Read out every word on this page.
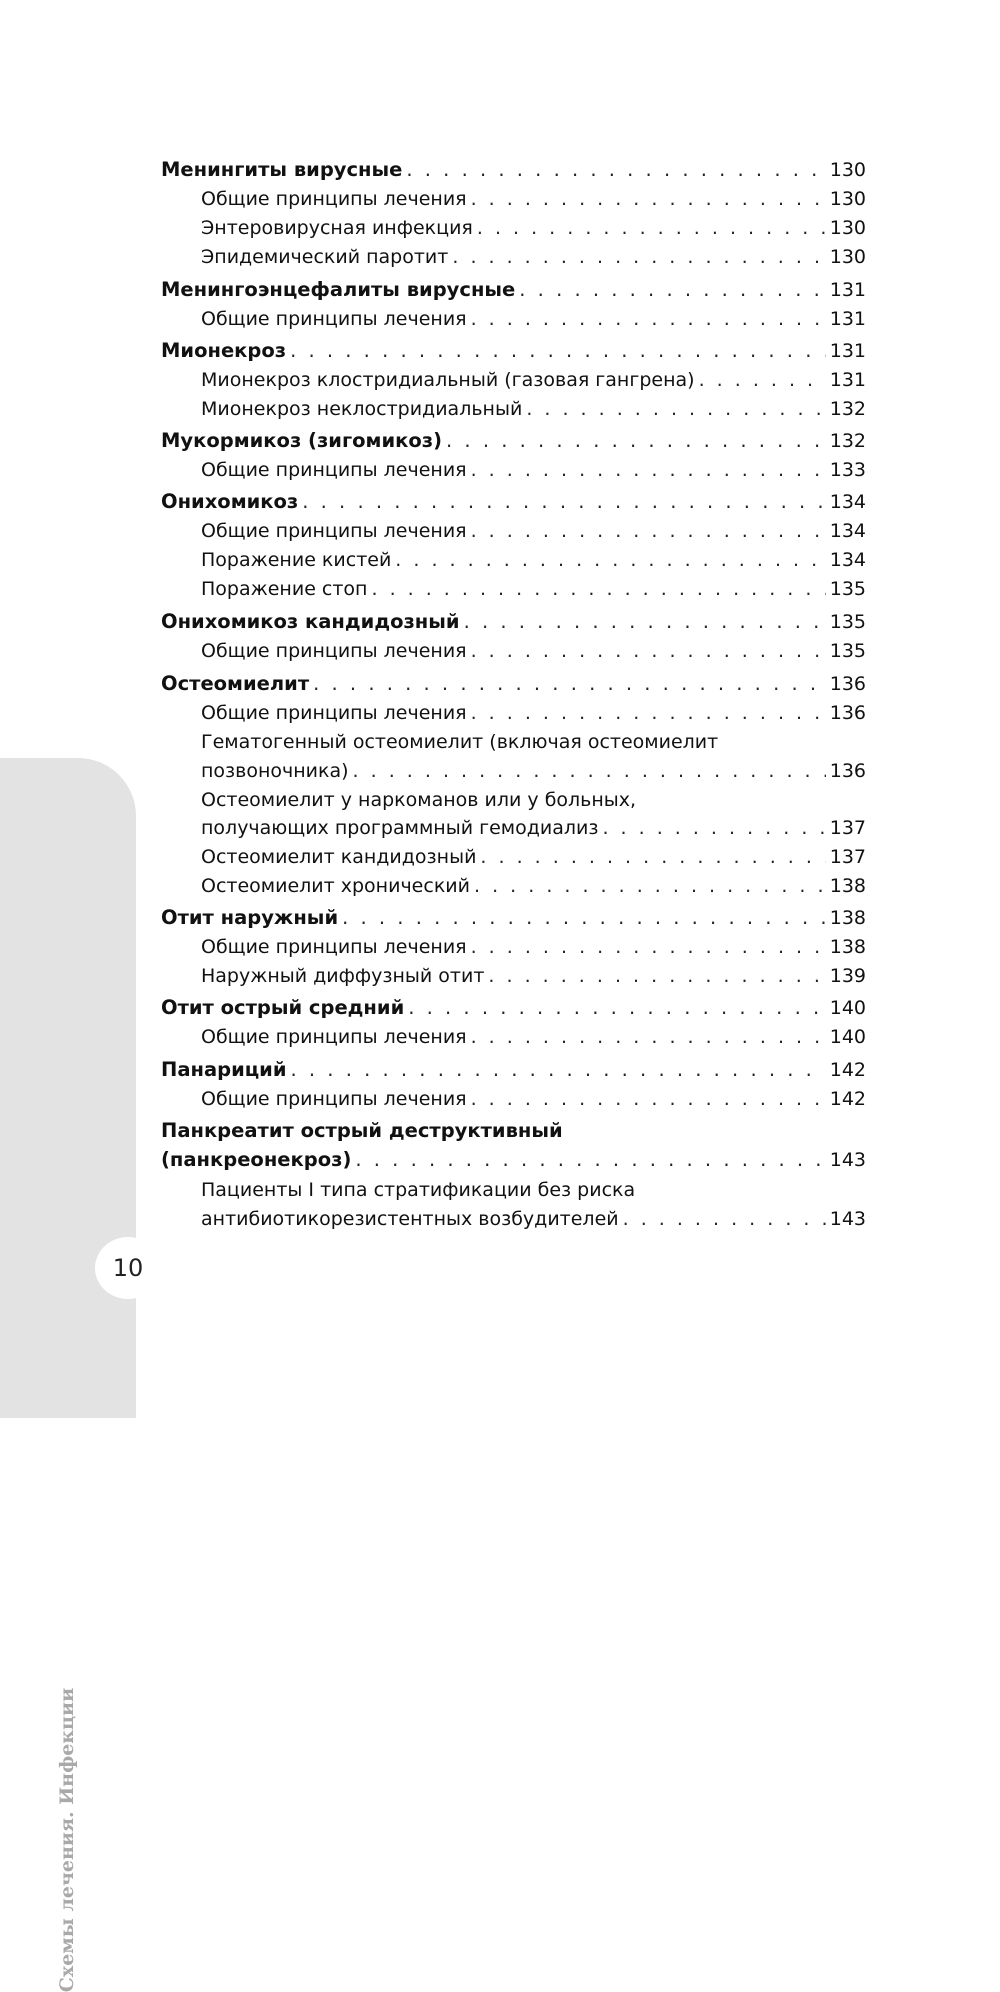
Схемы лечения. Инфекции
10
Менингиты вирусные . . .	130
Общие принципы лечения . . .	130
Энтеровирусная инфекция . . .	130
Эпидемический паротит . . .	130
Менингоэнцефалиты вирусные . . .	131
Общие принципы лечения . . .	131
Мионекроз . . .	131
Мионекроз клостридиальный (газовая гангрена) . . .	131
Мионекроз неклостридиальный . . .	132
Мукормикоз (зигомикоз) . . .	132
Общие принципы лечения . . .	133
Онихомикоз . . .	134
Общие принципы лечения . . .	134
Поражение кистей . . .	134
Поражение стоп . . .	135
Онихомикоз кандидозный . . .	135
Общие принципы лечения . . .	135
Остеомиелит . . .	136
Общие принципы лечения . . .	136
Гематогенный остеомиелит (включая остеомиелит
позвоночника) . . .	136
Остеомиелит у наркоманов или у больных,
получающих программный гемодиализ . . .	137
Остеомиелит кандидозный . . .	137
Остеомиелит хронический . . .	138
Отит наружный . . .	138
Общие принципы лечения . . .	138
Наружный диффузный отит . . .	139
Отит острый средний . . .	140
Общие принципы лечения . . .	140
Панариций . . .	142
Общие принципы лечения . . .	142
Панкреатит острый деструктивный
(панкреонекроз) . . .	143
Пациенты I типа стратификации без риска
антибиотикорезистентных возбудителей . . .	143
